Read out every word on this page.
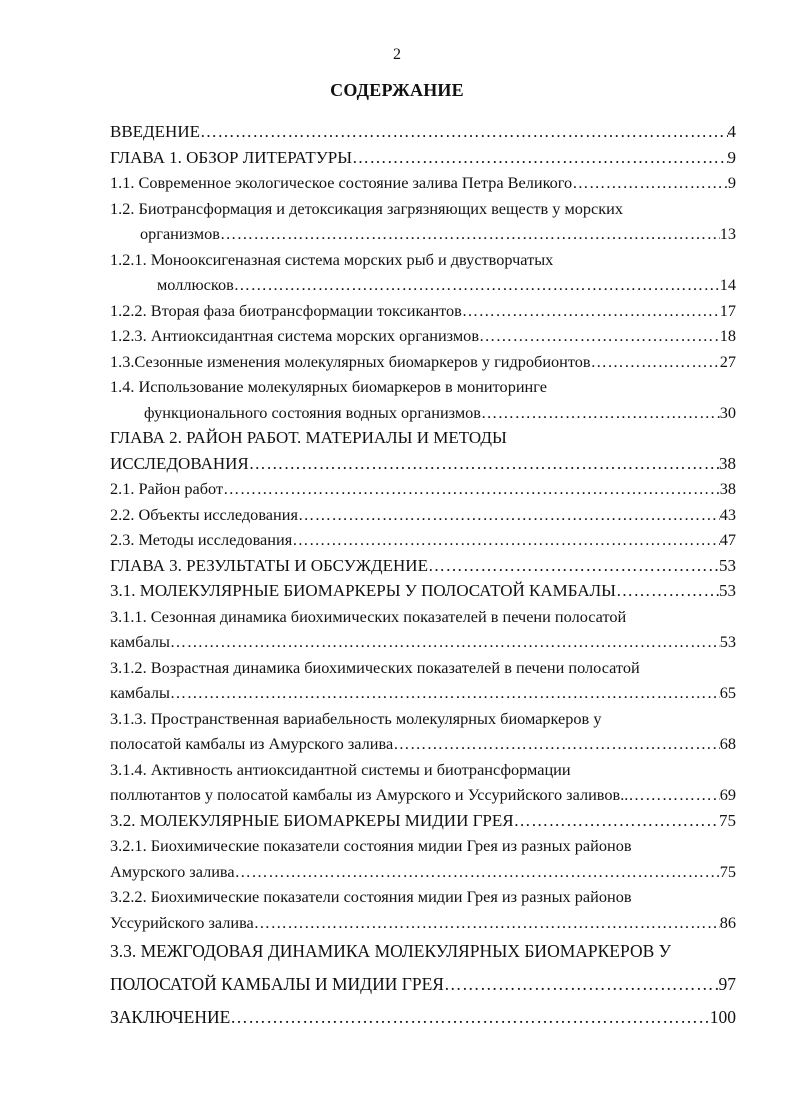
2
СОДЕРЖАНИЕ
ВВЕДЕНИЕ …………………………………………………………………………………………………………………………………………………………………………	4
ГЛАВА 1. ОБЗОР ЛИТЕРАТУРЫ …………………………………………………………………………………………………………………………………………………………………………	9
1.1. Современное экологическое состояние залива Петра Великого …………………………………………………………………………………………………………………………………………………………………………	9
1.2. Биотрансформация и детоксикация загрязняющих веществ у морских
организмов …………………………………………………………………………………………………………………………………………………………………………	13
1.2.1. Монооксигеназная система морских рыб и двустворчатых
моллюсков …………………………………………………………………………………………………………………………………………………………………………	14
1.2.2. Вторая фаза биотрансформации токсикантов …………………………………………………………………………………………………………………………………………………………………………	17
1.2.3. Антиоксидантная система морских организмов …………………………………………………………………………………………………………………………………………………………………………	18
1.3.Сезонные изменения молекулярных биомаркеров у гидробионтов …………………………………………………………………………………………………………………………………………………………………………	27
1.4. Использование молекулярных биомаркеров в мониторинге
функционального состояния водных организмов …………………………………………………………………………………………………………………………………………………………………………	30
ГЛАВА 2. РАЙОН РАБОТ. МАТЕРИАЛЫ И МЕТОДЫ
ИССЛЕДОВАНИЯ …………………………………………………………………………………………………………………………………………………………………………	38
2.1. Район работ …………………………………………………………………………………………………………………………………………………………………………	38
2.2. Объекты исследования …………………………………………………………………………………………………………………………………………………………………………	43
2.3. Методы исследования …………………………………………………………………………………………………………………………………………………………………………	47
ГЛАВА 3. РЕЗУЛЬТАТЫ И ОБСУЖДЕНИЕ …………………………………………………………………………………………………………………………………………………………………………	53
3.1. МОЛЕКУЛЯРНЫЕ БИОМАРКЕРЫ У ПОЛОСАТОЙ КАМБАЛЫ …………………………………………………………………………………………………………………………………………………………………………	53
3.1.1. Сезонная динамика биохимических показателей в печени полосатой
камбалы …………………………………………………………………………………………………………………………………………………………………………	53
3.1.2. Возрастная динамика биохимических показателей в печени полосатой
камбалы …………………………………………………………………………………………………………………………………………………………………………	65
3.1.3. Пространственная вариабельность молекулярных биомаркеров у
полосатой камбалы из Амурского залива …………………………………………………………………………………………………………………………………………………………………………	68
3.1.4. Активность антиоксидантной системы и биотрансформации
поллютантов у полосатой камбалы из Амурского и Уссурийского заливов.. …………………………………………………………………………………………………………………………………………………………………………	69
3.2. МОЛЕКУЛЯРНЫЕ БИОМАРКЕРЫ МИДИИ ГРЕЯ …………………………………………………………………………………………………………………………………………………………………………	75
3.2.1. Биохимические показатели состояния мидии Грея из разных районов
Амурского залива …………………………………………………………………………………………………………………………………………………………………………	75
3.2.2. Биохимические показатели состояния мидии Грея из разных районов
Уссурийского залива …………………………………………………………………………………………………………………………………………………………………………	86
3.3. МЕЖГОДОВАЯ ДИНАМИКА МОЛЕКУЛЯРНЫХ БИОМАРКЕРОВ У
ПОЛОСАТОЙ КАМБАЛЫ И МИДИИ ГРЕЯ …………………………………………………………………………………………………………………………………………………………………………	97
ЗАКЛЮЧЕНИЕ …………………………………………………………………………………………………………………………………………………………………………	100
